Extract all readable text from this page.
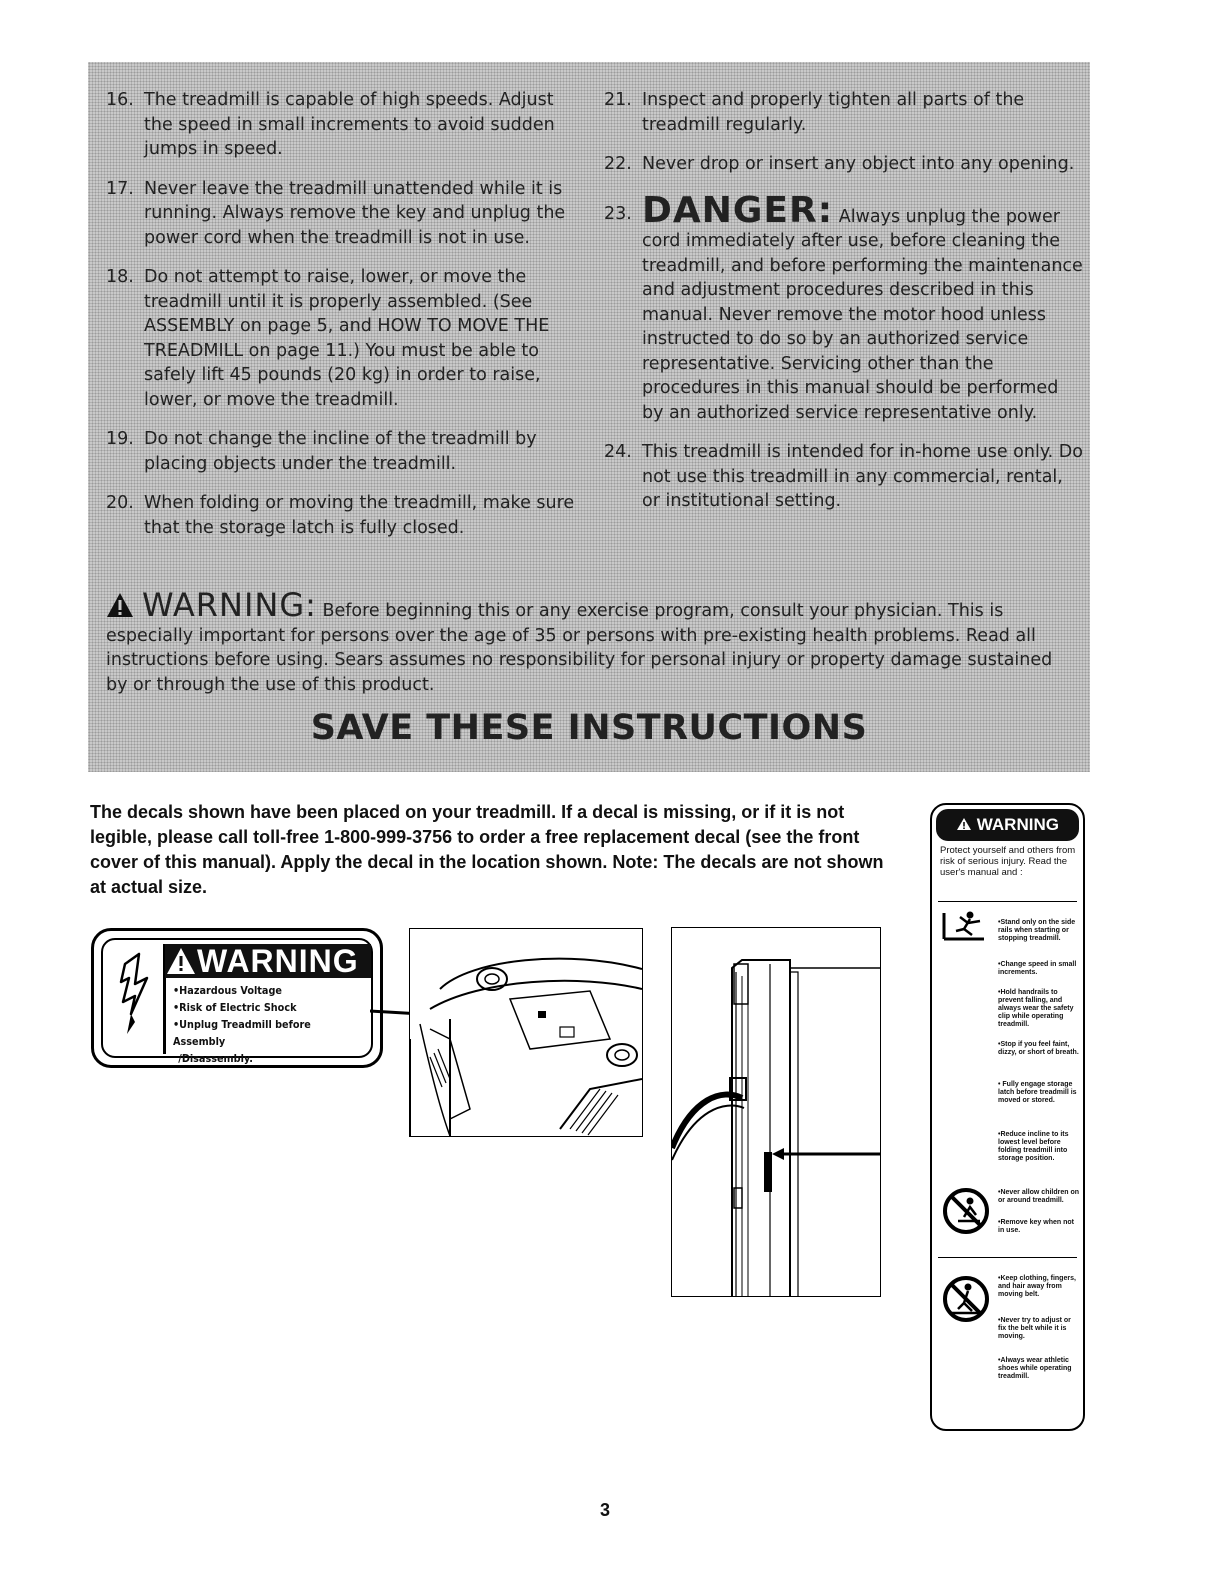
16. The treadmill is capable of high speeds. Adjust the speed in small increments to avoid sudden jumps in speed.
17. Never leave the treadmill unattended while it is running. Always remove the key and unplug the power cord when the treadmill is not in use.
18. Do not attempt to raise, lower, or move the treadmill until it is properly assembled. (See ASSEMBLY on page 5, and HOW TO MOVE THE TREADMILL on page 11.) You must be able to safely lift 45 pounds (20 kg) in order to raise, lower, or move the treadmill.
19. Do not change the incline of the treadmill by placing objects under the treadmill.
20. When folding or moving the treadmill, make sure that the storage latch is fully closed.
21. Inspect and properly tighten all parts of the treadmill regularly.
22. Never drop or insert any object into any opening.
23. DANGER: Always unplug the power cord immediately after use, before cleaning the treadmill, and before performing the maintenance and adjustment procedures described in this manual. Never remove the motor hood unless instructed to do so by an authorized service representative. Servicing other than the procedures in this manual should be performed by an authorized service representative only.
24. This treadmill is intended for in-home use only. Do not use this treadmill in any commercial, rental, or institutional setting.
WARNING: Before beginning this or any exercise program, consult your physician. This is especially important for persons over the age of 35 or persons with pre-existing health problems. Read all instructions before using. Sears assumes no responsibility for personal injury or property damage sustained by or through the use of this product.
SAVE THESE INSTRUCTIONS
The decals shown have been placed on your treadmill. If a decal is missing, or if it is not legible, please call toll-free 1-800-999-3756 to order a free replacement decal (see the front cover of this manual). Apply the decal in the location shown. Note: The decals are not shown at actual size.
WARNING
•Hazardous Voltage
•Risk of Electric Shock
•Unplug Treadmill before Assembly
/Disassembly.
WARNING
Protect yourself and others from risk of serious injury. Read the user's manual and :
•Stand only on the side rails when starting or stopping treadmill.
•Change speed in small increments.
•Hold handrails to prevent falling, and always wear the safety clip while operating treadmill.
•Stop if you feel faint, dizzy, or short of breath.
• Fully engage storage latch before treadmill is moved or stored.
•Reduce incline to its lowest level before folding treadmill into storage position.
•Never allow children on or around treadmill.
•Remove key when not in use.
•Keep clothing, fingers, and hair away from moving belt.
•Never try to adjust or fix the belt while it is moving.
•Always wear athletic shoes while operating treadmill.
3
